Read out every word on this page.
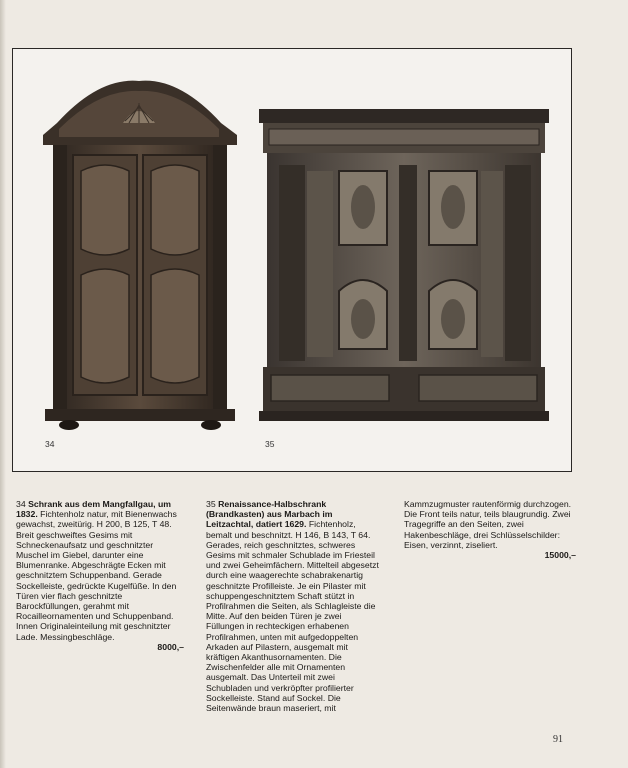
34	35
34 Schrank aus dem Mangfallgau, um 1832. Fichtenholz natur, mit Bienenwachs gewachst, zweitürig. H 200, B 125, T 48. Breit geschweiftes Gesims mit Schneckenaufsatz und geschnitzter Muschel im Giebel, darunter eine Blumenranke. Abgeschrägte Ecken mit geschnitztem Schuppenband. Gerade Sockelleiste, gedrückte Kugelfüße. In den Türen vier flach geschnitzte Barockfüllungen, gerahmt mit Rocailleornamenten und Schuppenband. Innen Originaleinteilung mit geschnitzter Lade. Messingbeschläge.
8000,–
35 Renaissance-Halbschrank (Brandkasten) aus Marbach im Leitzachtal, datiert 1629. Fichtenholz, bemalt und beschnitzt. H 146, B 143, T 64. Gerades, reich geschnitztes, schweres Gesims mit schmaler Schublade im Friesteil und zwei Geheimfächern. Mittelteil abgesetzt durch eine waagerechte schabrakenartig geschnitzte Profilleiste. Je ein Pilaster mit schuppengeschnitztem Schaft stützt in Profilrahmen die Seiten, als Schlagleiste die Mitte. Auf den beiden Türen je zwei Füllungen in rechteckigen erhabenen Profilrahmen, unten mit aufgedoppelten Arkaden auf Pilastern, ausgemalt mit kräftigen Akanthusornamenten. Die Zwischenfelder alle mit Ornamenten ausgemalt. Das Unterteil mit zwei Schubladen und verkröpfter profilierter Sockelleiste. Stand auf Sockel. Die Seitenwände braun maseriert, mit
Kammzugmuster rautenförmig durchzogen. Die Front teils natur, teils blaugrundig. Zwei Tragegriffe an den Seiten, zwei Hakenbeschläge, drei Schlüsselschilder: Eisen, verzinnt, ziseliert.
15000,–
91
